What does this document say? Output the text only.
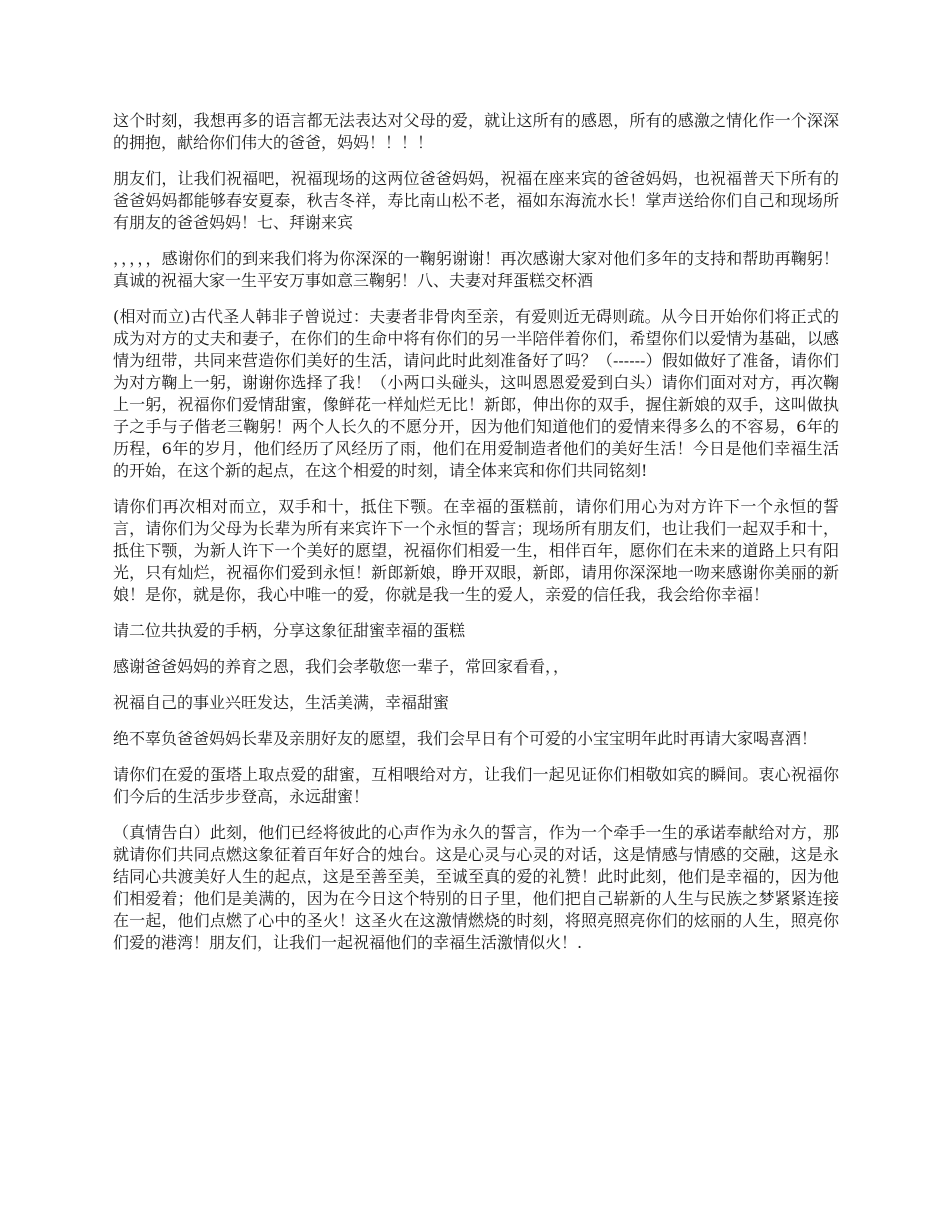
这个时刻，我想再多的语言都无法表达对父母的爱，就让这所有的感恩，所有的感激之情化作一个深深的拥抱，献给你们伟大的爸爸，妈妈！！！！

朋友们，让我们祝福吧，祝福现场的这两位爸爸妈妈，祝福在座来宾的爸爸妈妈，也祝福普天下所有的爸爸妈妈都能够春安夏泰，秋吉冬祥，寿比南山松不老，福如东海流水长！掌声送给你们自己和现场所有朋友的爸爸妈妈！七、拜谢来宾

，，，，，感谢你们的到来我们将为你深深的一鞠躬谢谢！再次感谢大家对他们多年的支持和帮助再鞠躬！真诚的祝福大家一生平安万事如意三鞠躬！八、夫妻对拜蛋糕交杯酒

(相对而立)古代圣人韩非子曾说过：夫妻者非骨肉至亲，有爱则近无碍则疏。从今日开始你们将正式的成为对方的丈夫和妻子，在你们的生命中将有你们的另一半陪伴着你们，希望你们以爱情为基础，以感情为纽带，共同来营造你们美好的生活，请问此时此刻准备好了吗？（------）假如做好了准备，请你们为对方鞠上一躬，谢谢你选择了我！（小两口头碰头，这叫恩恩爱爱到白头）请你们面对对方，再次鞠上一躬，祝福你们爱情甜蜜，像鲜花一样灿烂无比！新郎，伸出你的双手，握住新娘的双手，这叫做执子之手与子偕老三鞠躬！两个人长久的不愿分开，因为他们知道他们的爱情来得多么的不容易，6年的历程，6年的岁月，他们经历了风经历了雨，他们在用爱制造者他们的美好生活！今日是他们幸福生活的开始，在这个新的起点，在这个相爱的时刻，请全体来宾和你们共同铭刻!

请你们再次相对而立，双手和十，抵住下颚。在幸福的蛋糕前，请你们用心为对方许下一个永恒的誓言，请你们为父母为长辈为所有来宾许下一个永恒的誓言；现场所有朋友们，也让我们一起双手和十，抵住下颚，为新人许下一个美好的愿望，祝福你们相爱一生，相伴百年，愿你们在未来的道路上只有阳光，只有灿烂，祝福你们爱到永恒！新郎新娘，睁开双眼，新郎，请用你深深地一吻来感谢你美丽的新娘！是你，就是你，我心中唯一的爱，你就是我一生的爱人，亲爱的信任我，我会给你幸福！

请二位共执爱的手柄，分享这象征甜蜜幸福的蛋糕

感谢爸爸妈妈的养育之恩，我们会孝敬您一辈子，常回家看看，，

祝福自己的事业兴旺发达，生活美满，幸福甜蜜

绝不辜负爸爸妈妈长辈及亲朋好友的愿望，我们会早日有个可爱的小宝宝明年此时再请大家喝喜酒！

请你们在爱的蛋塔上取点爱的甜蜜，互相喂给对方，让我们一起见证你们相敬如宾的瞬间。衷心祝福你们今后的生活步步登高，永远甜蜜！

（真情告白）此刻，他们已经将彼此的心声作为永久的誓言，作为一个牵手一生的承诺奉献给对方，那就请你们共同点燃这象征着百年好合的烛台。这是心灵与心灵的对话，这是情感与情感的交融，这是永结同心共渡美好人生的起点，这是至善至美，至诚至真的爱的礼赞！此时此刻，他们是幸福的，因为他们相爱着；他们是美满的，因为在今日这个特别的日子里，他们把自己崭新的人生与民族之梦紧紧连接在一起，他们点燃了心中的圣火！这圣火在这激情燃烧的时刻，将照亮照亮你们的炫丽的人生，照亮你们爱的港湾！朋友们，让我们一起祝福他们的幸福生活激情似火！.
